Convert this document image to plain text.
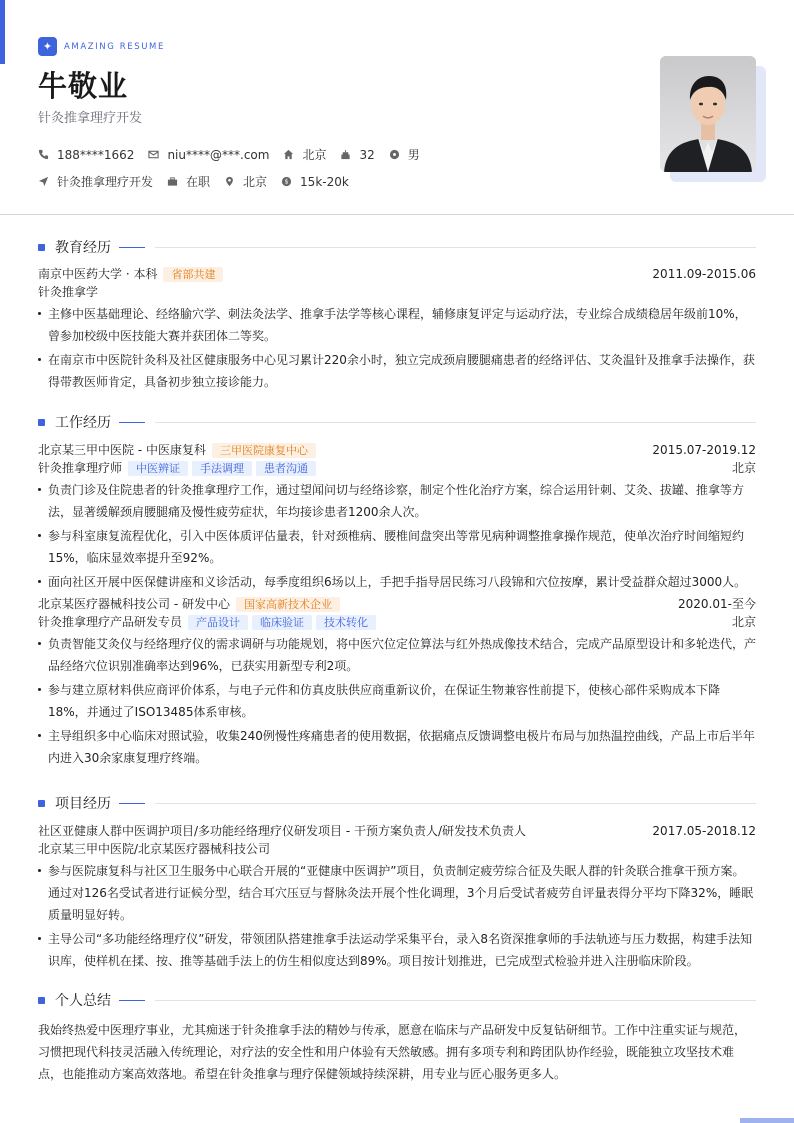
✦	AMAZING RESUME
牛敬业
针灸推拿理疗开发
188****1662	niu****@***.com	北京	32	男
针灸推拿理疗开发	在职	北京 $ 15k-20k
教育经历
南京中医药大学 · 本科	省部共建	2011.09-2015.06
针灸推拿学
主修中医基础理论、经络腧穴学、刺法灸法学、推拿手法学等核心课程，辅修康复评定与运动疗法，专业综合成绩稳居年级前10%，曾参加校级中医技能大赛并获团体二等奖。
在南京市中医院针灸科及社区健康服务中心见习累计220余小时，独立完成颈肩腰腿痛患者的经络评估、艾灸温针及推拿手法操作，获得带教医师肯定，具备初步独立接诊能力。
工作经历
北京某三甲中医院 - 中医康复科	三甲医院康复中心	2015.07-2019.12
针灸推拿理疗师	中医辨证	手法调理	患者沟通	北京
负责门诊及住院患者的针灸推拿理疗工作，通过望闻问切与经络诊察，制定个性化治疗方案，综合运用针刺、艾灸、拔罐、推拿等方法，显著缓解颈肩腰腿痛及慢性疲劳症状，年均接诊患者1200余人次。
参与科室康复流程优化，引入中医体质评估量表，针对颈椎病、腰椎间盘突出等常见病种调整推拿操作规范，使单次治疗时间缩短约15%，临床显效率提升至92%。
面向社区开展中医保健讲座和义诊活动，每季度组织6场以上，手把手指导居民练习八段锦和穴位按摩，累计受益群众超过3000人。
北京某医疗器械科技公司 - 研发中心	国家高新技术企业	2020.01-至今
针灸推拿理疗产品研发专员	产品设计	临床验证	技术转化	北京
负责智能艾灸仪与经络理疗仪的需求调研与功能规划，将中医穴位定位算法与红外热成像技术结合，完成产品原型设计和多轮迭代，产品经络穴位识别准确率达到96%，已获实用新型专利2项。
参与建立原材料供应商评价体系，与电子元件和仿真皮肤供应商重新议价，在保证生物兼容性前提下，使核心部件采购成本下降18%，并通过了ISO13485体系审核。
主导组织多中心临床对照试验，收集240例慢性疼痛患者的使用数据，依据痛点反馈调整电极片布局与加热温控曲线，产品上市后半年内进入30余家康复理疗终端。
项目经历
社区亚健康人群中医调护项目/多功能经络理疗仪研发项目 - 干预方案负责人/研发技术负责人	2017.05-2018.12
北京某三甲中医院/北京某医疗器械科技公司
参与医院康复科与社区卫生服务中心联合开展的“亚健康中医调护”项目，负责制定疲劳综合征及失眠人群的针灸联合推拿干预方案。通过对126名受试者进行证候分型，结合耳穴压豆与督脉灸法开展个性化调理，3个月后受试者疲劳自评量表得分平均下降32%，睡眠质量明显好转。
主导公司“多功能经络理疗仪”研发，带领团队搭建推拿手法运动学采集平台，录入8名资深推拿师的手法轨迹与压力数据，构建手法知识库，使样机在揉、按、推等基础手法上的仿生相似度达到89%。项目按计划推进，已完成型式检验并进入注册临床阶段。
个人总结

我始终热爱中医理疗事业，尤其痴迷于针灸推拿手法的精妙与传承，愿意在临床与产品研发中反复钻研细节。工作中注重实证与规范，习惯把现代科技灵活融入传统理论，对疗法的安全性和用户体验有天然敏感。拥有多项专利和跨团队协作经验，既能独立攻坚技术难点，也能推动方案高效落地。希望在针灸推拿与理疗保健领域持续深耕，用专业与匠心服务更多人。
